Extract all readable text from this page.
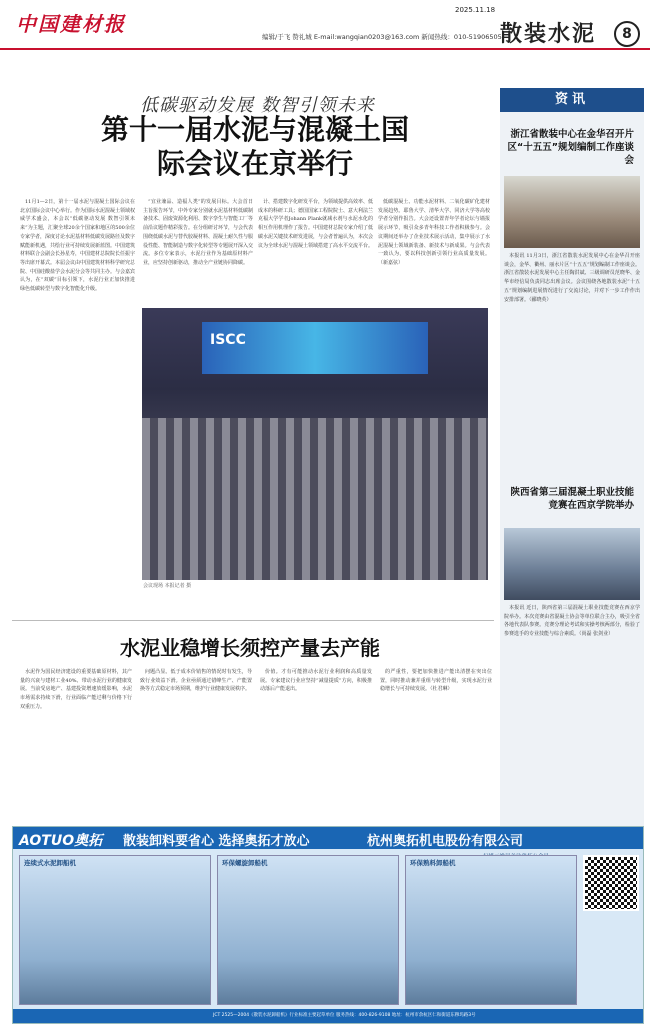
中国建材报
2025.11.18
编辑/于飞 赞礼城 E-mail:wangqian0203@163.com 新闻热线：010-51906505
散装水泥	8
低碳驱动发展 数智引领未来
第十一届水泥与混凝土国际会议在京举行

11月1—2日，第十一届水泥与混凝土国际会议在北京国际会议中心举行。作为国际水泥混凝土领域权威学术盛会，本会以“低碳驱动发展 数智引领未来”为主题，汇聚全球20余个国家和地区的500余位专家学者，深度讨论水泥基材料低碳发展路径及数字赋能新机遇，共绘行业可持续发展新蓝图。中国建筑材料联合会副会长孙星寿，中国建材总院院长任振宇等出席开幕式。本届会议由中国建筑材料科学研究总院、中国硅酸盐学会水泥分会等共同主办。与会嘉宾认为，在“双碳”目标引领下，水泥行业正加快推进绿色低碳转型与数字化智能化升级。

“宜业兼品、造福人类”的发展目标。大会首日主旨报告环节，中外专家分别就水泥基材料低碳制备技术、固废资源化利用、数字孪生与智能工厂等前沿议题作精彩报告。在分组研讨环节，与会代表围绕低碳水泥与替代胶凝材料、混凝土耐久性与服役性能、智能制造与数字化转型等专题展开深入交流。多位专家表示，水泥行业作为基础原材料产业，应坚持创新驱动，推动全产业链协同降碳。

计、搭建数字化研发平台，为领域提供高效率、低成本的科研工具；德国国家工程院院士、意大利法兰克福大学学者Johann Plank就减水剂与水泥水化的相互作用机理作了报告。中国建材总院专家介绍了低碳水泥关键技术研发进展，与会者普遍认为，本次会议为全球水泥与混凝土领域搭建了高水平交流平台。

低碳混凝土、功能水泥材料、二氧化碳矿化建材发展趋势。耶鲁大学、清华大学、同济大学等高校学者分别作报告。大会还设置青年学者论坛与墙报展示环节，吸引众多青年科技工作者积极参与。会议期间还举办了企业技术展示活动，集中展示了水泥混凝土领域新装备、新技术与新成果。与会代表一致认为，要以科技创新引领行业高质量发展。（新嘉弦）

ISCC
会议现场 本报记者 摄
水泥业稳增长须控产量去产能

水泥作为国民经济建设的重要基础原材料，其产量的兴衰与建材工业40%、带动水泥行业的健康发展。当前受房地产、基建投资增速放缓影响，水泥市场需求持续下滑，行业面临产能过剩与价格下行双重压力。

问题凸显。低于成本价销售的情况时有发生，导致行业效益下滑。企业亟须通过错峰生产、产能置换等方式稳定市场预期，维护行业健康发展秩序。

价值。才有可能推动水泥行业利润和高质量发展。专家建议行业应坚持“减量提质”方向，积极推动落后产能退出。

的严重性，要把加快推进产能出清摆在突出位置，同时推动兼并重组与转型升级，实现水泥行业稳增长与可持续发展。（杜君琳）

资讯
浙江省散装中心在金华召开片区“十五五”规划编制工作座谈会

本报讯 11月3日，浙江省散装水泥发展中心在金华召开座谈会，金华、衢州、丽水片区“十五五”规划编制工作座谈会。浙江省散装水泥发展中心主任陶洪斌、三级调研员范晓华、金华市经信局负责同志出席会议。会议围绕各地散装水泥“十五五”规划编制进展情况进行了交流讨论，并对下一步工作作出安排部署。（郦晓英）

陕西省第三届混凝土职业技能竞赛在西京学院举办

本报讯 近日，陕西省第三届混凝土职业技能竞赛在西京学院举办。本次竞赛由省混凝土协会等单位联合主办，吸引全省各地代表队参赛。竞赛分理论考试和实操考核两部分，检验了参赛选手的专业技能与综合素质。（尚磊 张剑业）

AOTUO奥拓 散装卸料要省心 选择奥拓才放心	杭州奥拓机电股份有限公司
连续式水泥卸船机	环保螺旋卸船机	环保熟料卸船机
JCT 2525—2004《散装水泥卸船机》行业标准主要起草单位 服务热线：400-826-9108 地址：杭州市余杭区仁和街道东穆坞路3号
